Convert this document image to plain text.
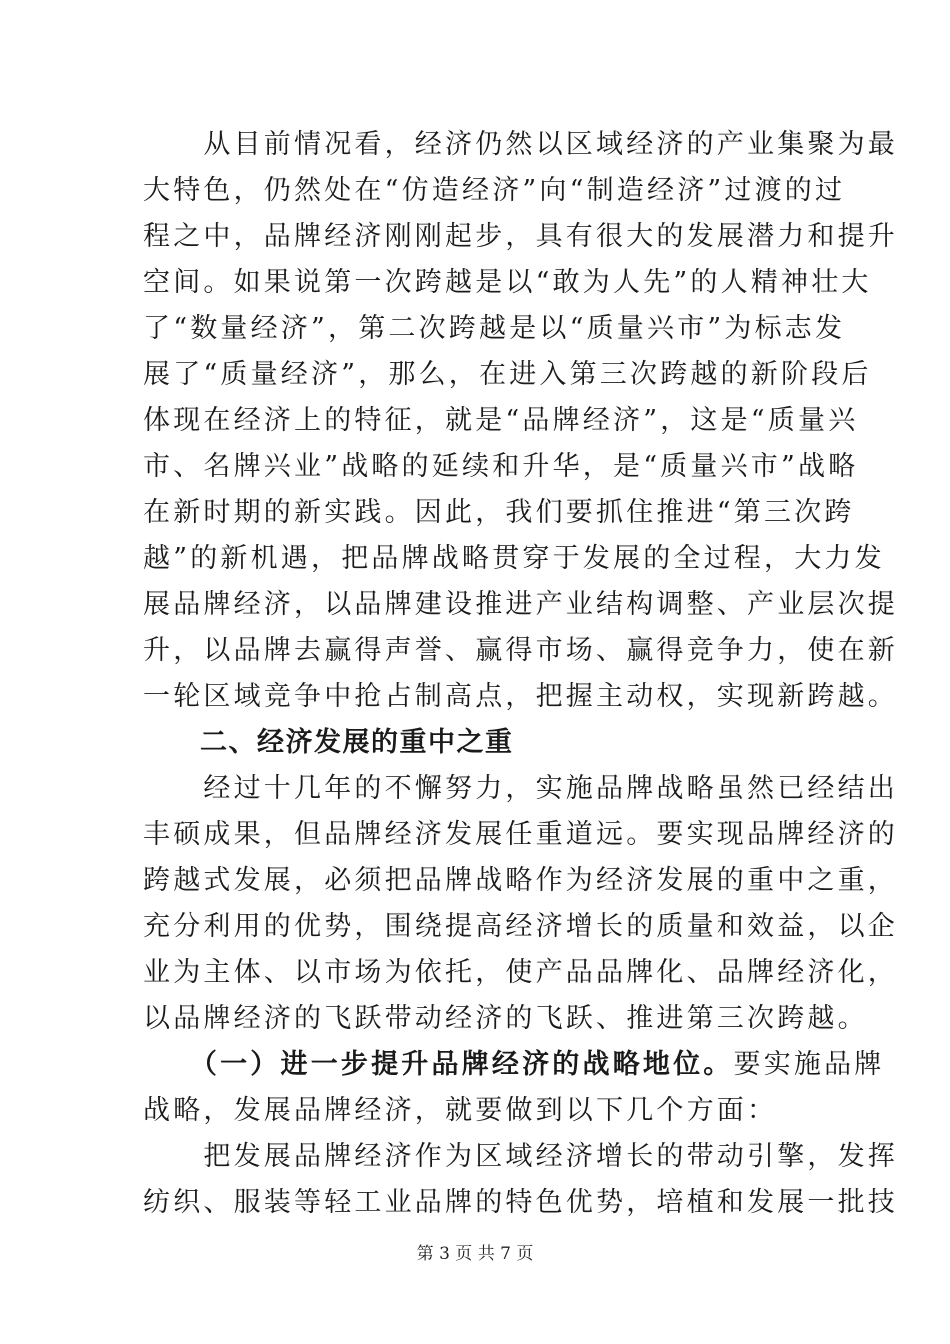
　　从目前情况看，经济仍然以区域经济的产业集聚为最
大特色，仍然处在“仿造经济”向“制造经济”过渡的过
程之中，品牌经济刚刚起步，具有很大的发展潜力和提升
空间。如果说第一次跨越是以“敢为人先”的人精神壮大
了“数量经济”，第二次跨越是以“质量兴市”为标志发
展了“质量经济”，那么，在进入第三次跨越的新阶段后
体现在经济上的特征，就是“品牌经济”，这是“质量兴
市、名牌兴业”战略的延续和升华，是“质量兴市”战略
在新时期的新实践。因此，我们要抓住推进“第三次跨
越”的新机遇，把品牌战略贯穿于发展的全过程，大力发
展品牌经济，以品牌建设推进产业结构调整、产业层次提
升，以品牌去赢得声誉、赢得市场、赢得竞争力，使在新
一轮区域竞争中抢占制高点，把握主动权，实现新跨越。
　　二、经济发展的重中之重
　　经过十几年的不懈努力，实施品牌战略虽然已经结出
丰硕成果，但品牌经济发展任重道远。要实现品牌经济的
跨越式发展，必须把品牌战略作为经济发展的重中之重，
充分利用的优势，围绕提高经济增长的质量和效益，以企
业为主体、以市场为依托，使产品品牌化、品牌经济化，
以品牌经济的飞跃带动经济的飞跃、推进第三次跨越。
　　（一）进一步提升品牌经济的战略地位。要实施品牌
战略，发展品牌经济，就要做到以下几个方面：
　　把发展品牌经济作为区域经济增长的带动引擎，发挥
纺织、服装等轻工业品牌的特色优势，培植和发展一批技
第 3 页 共 7 页
